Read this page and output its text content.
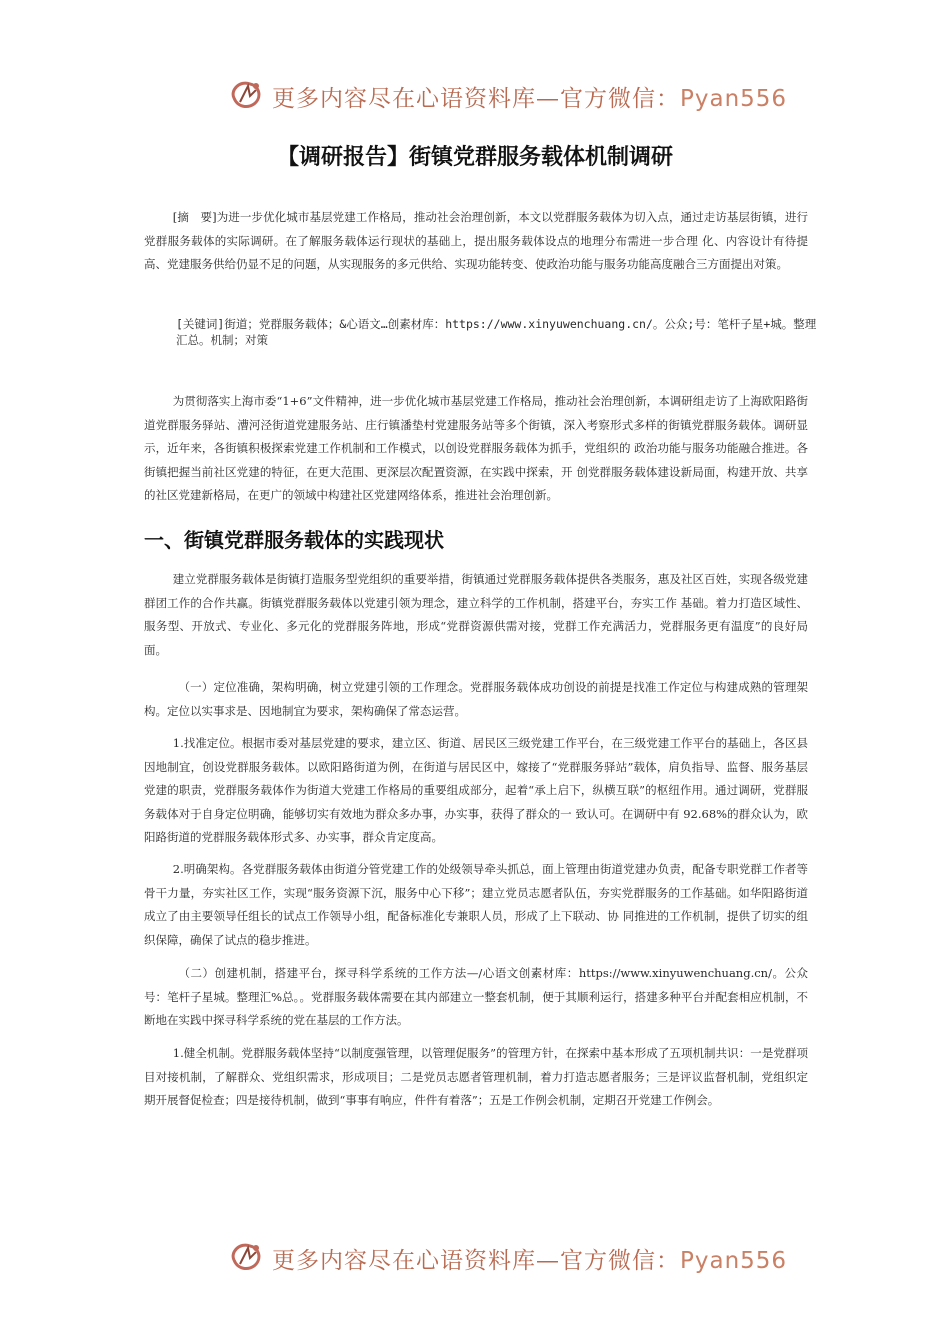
更多内容尽在心语资料库—官方微信：Pyan556
【调研报告】街镇党群服务载体机制调研
[摘　要]为进一步优化城市基层党建工作格局，推动社会治理创新，本文以党群服务载体为切入点，通过走访基层街镇，进行党群服务载体的实际调研。在了解服务载体运行现状的基础上，提出服务载体设点的地理分布需进一步合理 化、内容设计有待提高、党建服务供给仍显不足的问题，从实现服务的多元供给、实现功能转变、使政治功能与服务功能高度融合三方面提出对策。
[关键词]街道；党群服务载体；&心语文…创素材库：https://www.xinyuwenchuang.cn/。公众;号：笔杆子星+城。整理汇总。机制；对策
为贯彻落实上海市委“1+6”文件精神，进一步优化城市基层党建工作格局，推动社会治理创新，本调研组走访了上海欧阳路街道党群服务驿站、漕河泾街道党建服务站、庄行镇潘垫村党建服务站等多个街镇，深入考察形式多样的街镇党群服务载体。调研显示，近年来，各街镇积极探索党建工作机制和工作模式，以创设党群服务载体为抓手，党组织的 政治功能与服务功能融合推进。各街镇把握当前社区党建的特征，在更大范围、更深层次配置资源，在实践中探索，开 创党群服务载体建设新局面，构建开放、共享的社区党建新格局，在更广的领域中构建社区党建网络体系，推进社会治理创新。
一、街镇党群服务载体的实践现状
建立党群服务载体是街镇打造服务型党组织的重要举措，街镇通过党群服务载体提供各类服务，惠及社区百姓，实现各级党建群团工作的合作共赢。街镇党群服务载体以党建引领为理念，建立科学的工作机制，搭建平台，夯实工作 基础。着力打造区域性、服务型、开放式、专业化、多元化的党群服务阵地，形成“党群资源供需对接，党群工作充满活力，党群服务更有温度”的良好局面。
（一）定位准确，架构明确，树立党建引领的工作理念。党群服务载体成功创设的前提是找准工作定位与构建成熟的管理架构。定位以实事求是、因地制宜为要求，架构确保了常态运营。
1.找准定位。根据市委对基层党建的要求，建立区、街道、居民区三级党建工作平台，在三级党建工作平台的基础上，各区县因地制宜，创设党群服务载体。以欧阳路街道为例，在街道与居民区中，嫁接了“党群服务驿站”载体，肩负指导、监督、服务基层党建的职责，党群服务载体作为街道大党建工作格局的重要组成部分，起着“承上启下，纵横互联”的枢纽作用。通过调研，党群服务载体对于自身定位明确，能够切实有效地为群众多办事，办实事，获得了群众的一 致认可。在调研中有 92.68%的群众认为，欧阳路街道的党群服务载体形式多、办实事，群众肯定度高。
2.明确架构。各党群服务载体由街道分管党建工作的处级领导牵头抓总，面上管理由街道党建办负责，配备专职党群工作者等骨干力量，夯实社区工作，实现“服务资源下沉，服务中心下移”；建立党员志愿者队伍，夯实党群服务的工作基础。如华阳路街道成立了由主要领导任组长的试点工作领导小组，配备标准化专兼职人员，形成了上下联动、协 同推进的工作机制，提供了切实的组织保障，确保了试点的稳步推进。
（二）创建机制，搭建平台，探寻科学系统的工作方法—/心语文创素材库：https://www.xinyuwenchuang.cn/。公众号：笔杆子星城。整理汇%总。。党群服务载体需要在其内部建立一整套机制，便于其顺利运行，搭建多种平台并配套相应机制，不断地在实践中探寻科学系统的党在基层的工作方法。
1.健全机制。党群服务载体坚持“以制度强管理，以管理促服务”的管理方针，在探索中基本形成了五项机制共识：一是党群项目对接机制，了解群众、党组织需求，形成项目；二是党员志愿者管理机制，着力打造志愿者服务；三是评议监督机制，党组织定期开展督促检查；四是接待机制，做到“事事有响应，件件有着落”；五是工作例会机制，定期召开党建工作例会。
更多内容尽在心语资料库—官方微信：Pyan556
